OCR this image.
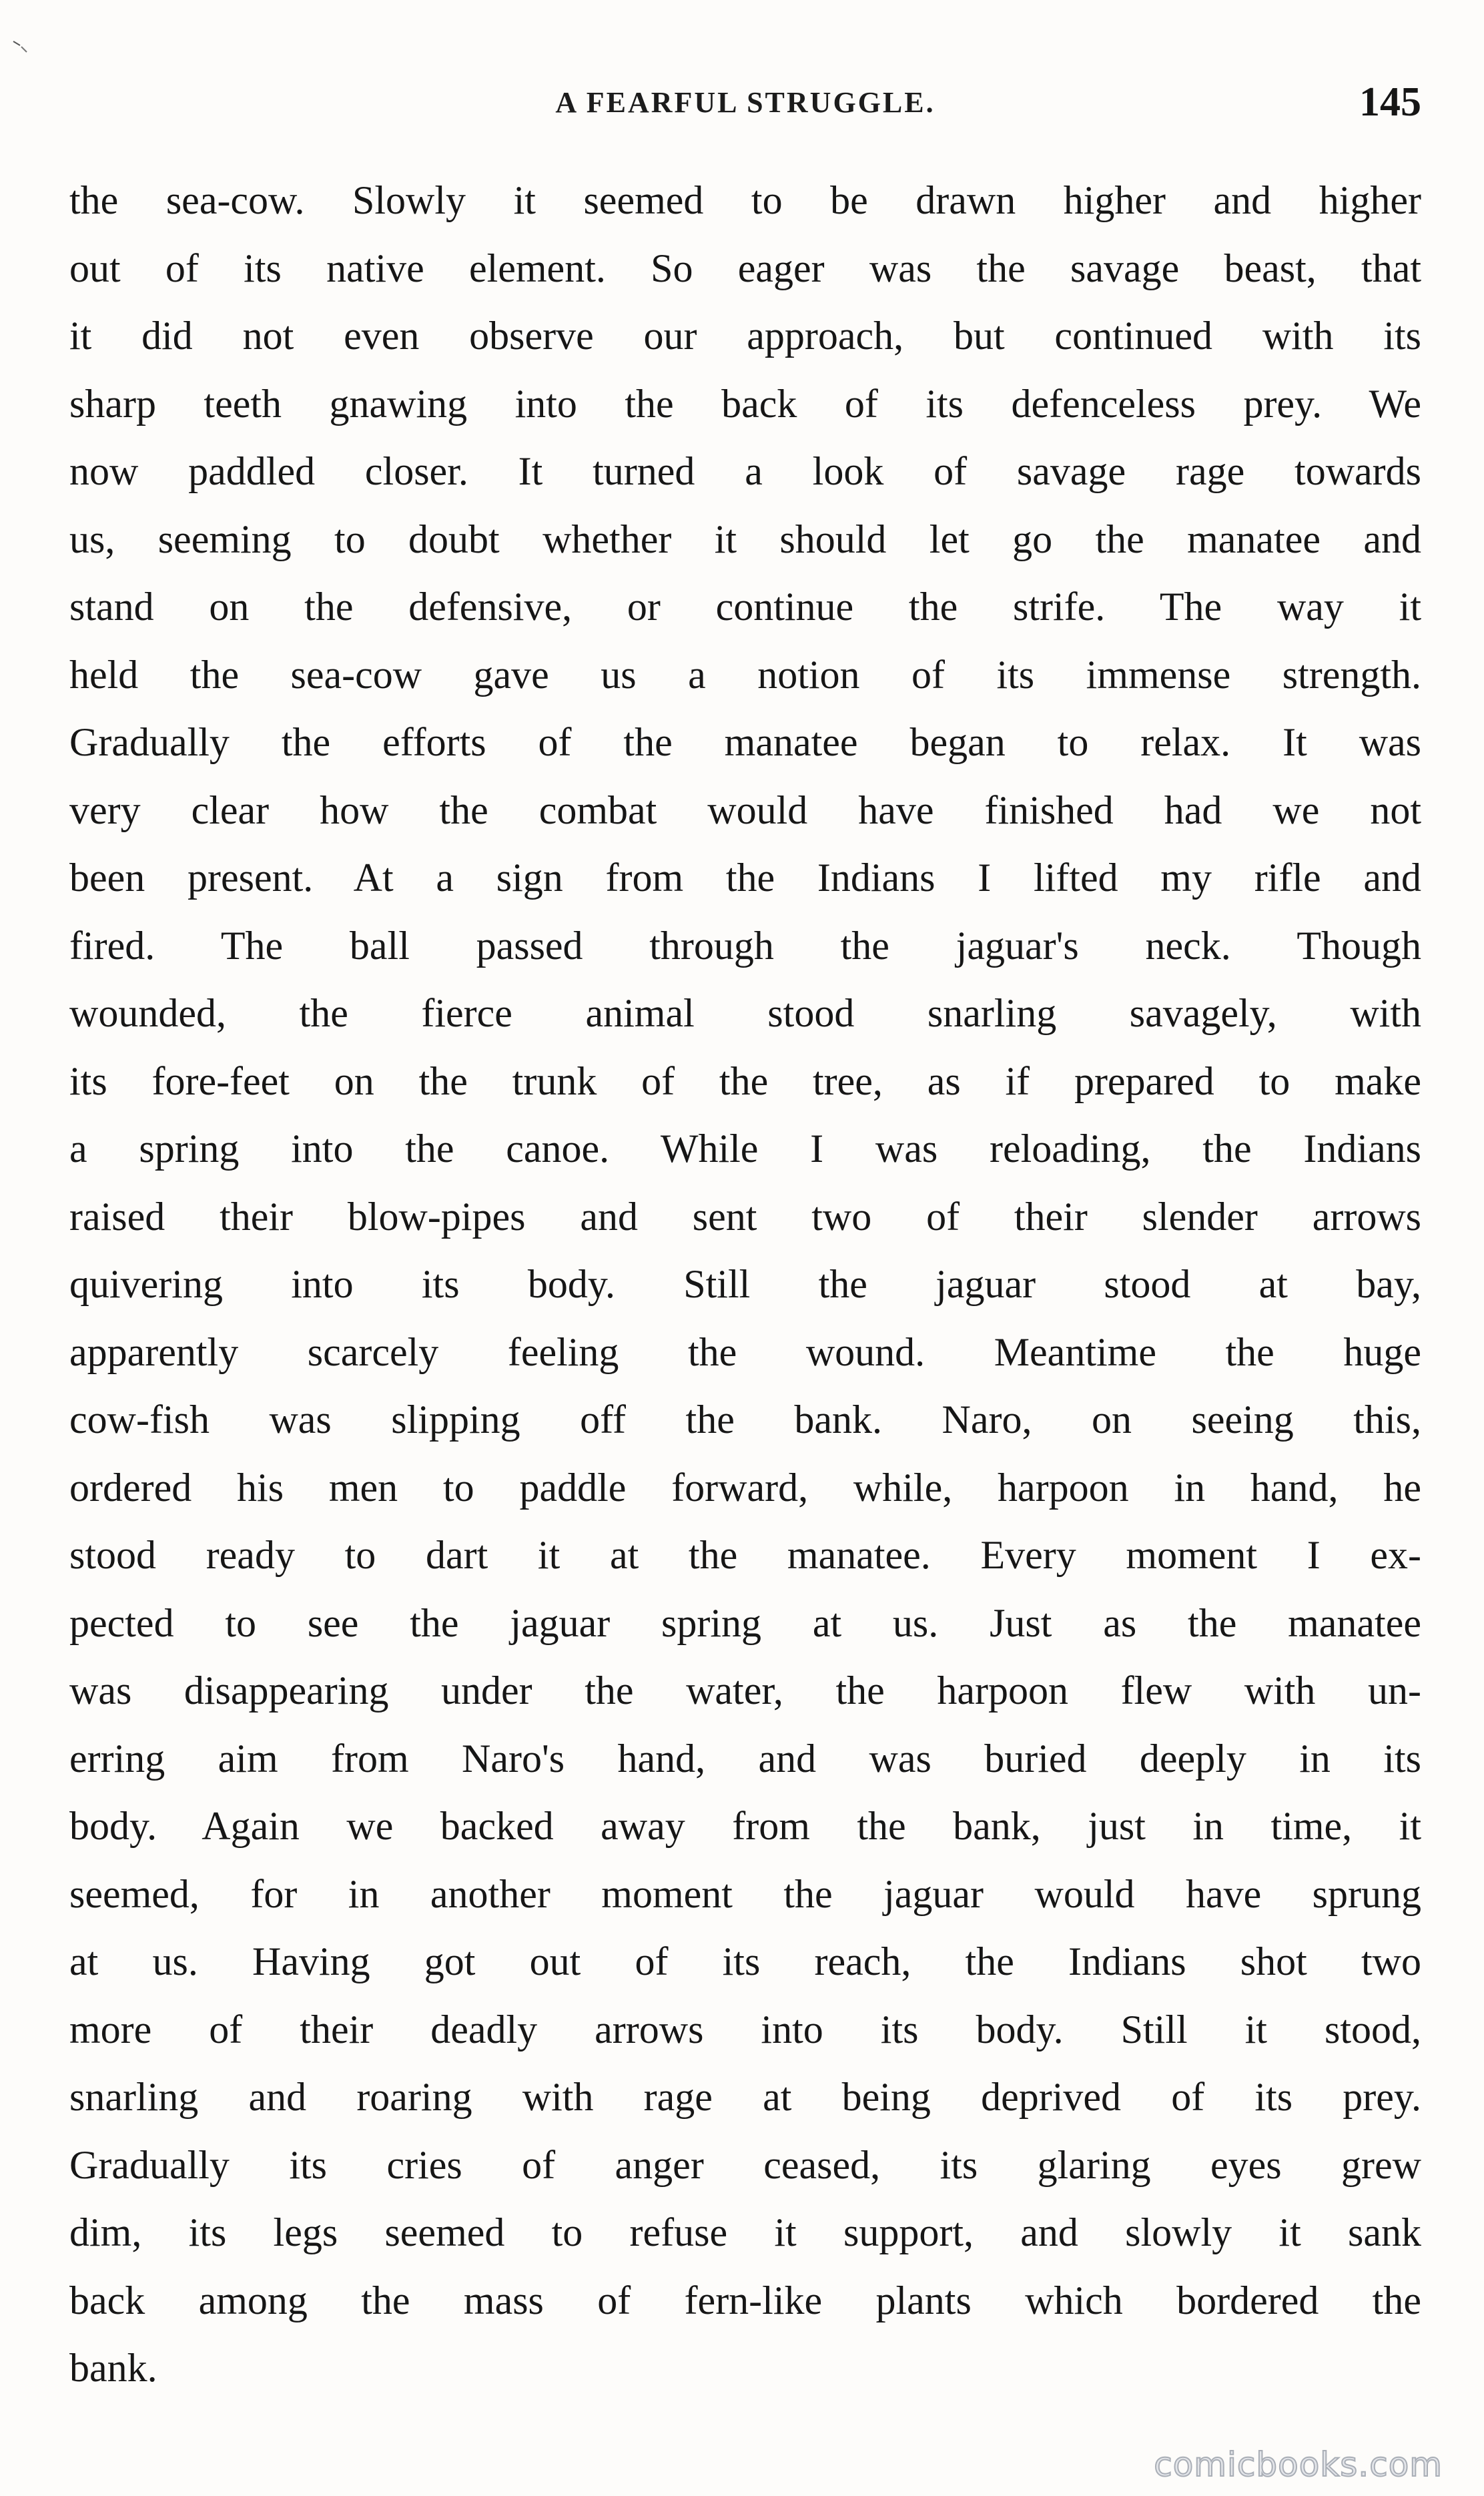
A FEARFUL STRUGGLE.	145
the sea-cow. Slowly it seemed to be drawn higher and higher
out of its native element. So eager was the savage beast, that
it did not even observe our approach, but continued with its
sharp teeth gnawing into the back of its defenceless prey. We
now paddled closer. It turned a look of savage rage towards
us, seeming to doubt whether it should let go the manatee and
stand on the defensive, or continue the strife. The way it
held the sea-cow gave us a notion of its immense strength.
Gradually the efforts of the manatee began to relax. It was
very clear how the combat would have finished had we not
been present. At a sign from the Indians I lifted my rifle and
fired. The ball passed through the jaguar's neck. Though
wounded, the fierce animal stood snarling savagely, with
its fore-feet on the trunk of the tree, as if prepared to make
a spring into the canoe. While I was reloading, the Indians
raised their blow-pipes and sent two of their slender arrows
quivering into its body. Still the jaguar stood at bay,
apparently scarcely feeling the wound. Meantime the huge
cow-fish was slipping off the bank. Naro, on seeing this,
ordered his men to paddle forward, while, harpoon in hand, he
stood ready to dart it at the manatee. Every moment I ex-
pected to see the jaguar spring at us. Just as the manatee
was disappearing under the water, the harpoon flew with un-
erring aim from Naro's hand, and was buried deeply in its
body. Again we backed away from the bank, just in time, it
seemed, for in another moment the jaguar would have sprung
at us. Having got out of its reach, the Indians shot two
more of their deadly arrows into its body. Still it stood,
snarling and roaring with rage at being deprived of its prey.
Gradually its cries of anger ceased, its glaring eyes grew
dim, its legs seemed to refuse it support, and slowly it sank
back among the mass of fern-like plants which bordered the
bank.
comicbooks.com
